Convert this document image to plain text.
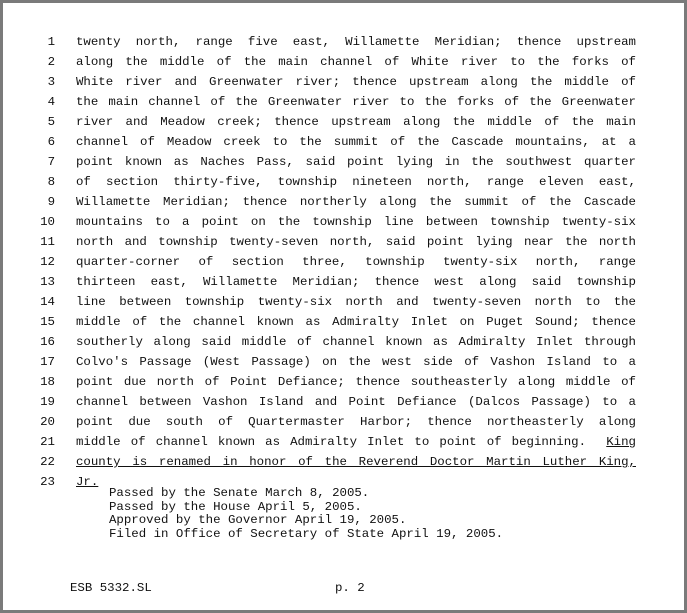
1 twenty north, range five east, Willamette Meridian; thence upstream
2 along the middle of the main channel of White river to the forks of
3 White river and Greenwater river; thence upstream along the middle of
4 the main channel of the Greenwater river to the forks of the Greenwater
5 river and Meadow creek; thence upstream along the middle of the main
6 channel of Meadow creek to the summit of the Cascade mountains, at a
7 point known as Naches Pass, said point lying in the southwest quarter
8 of section thirty-five, township nineteen north, range eleven east,
9 Willamette Meridian; thence northerly along the summit of the Cascade
10 mountains to a point on the township line between township twenty-six
11 north and township twenty-seven north, said point lying near the north
12 quarter-corner of section three, township twenty-six north, range
13 thirteen east, Willamette Meridian; thence west along said township
14 line between township twenty-six north and twenty-seven north to the
15 middle of the channel known as Admiralty Inlet on Puget Sound; thence
16 southerly along said middle of channel known as Admiralty Inlet through
17 Colvo's Passage (West Passage) on the west side of Vashon Island to a
18 point due north of Point Defiance; thence southeasterly along middle of
19 channel between Vashon Island and Point Defiance (Dalcos Passage) to a
20 point due south of Quartermaster Harbor; thence northeasterly along
21 middle of channel known as Admiralty Inlet to point of beginning.  King
22 county is renamed in honor of the Reverend Doctor Martin Luther King,
23 Jr.
Passed by the Senate March 8, 2005.
Passed by the House April 5, 2005.
Approved by the Governor April 19, 2005.
Filed in Office of Secretary of State April 19, 2005.
ESB 5332.SL	p. 2
